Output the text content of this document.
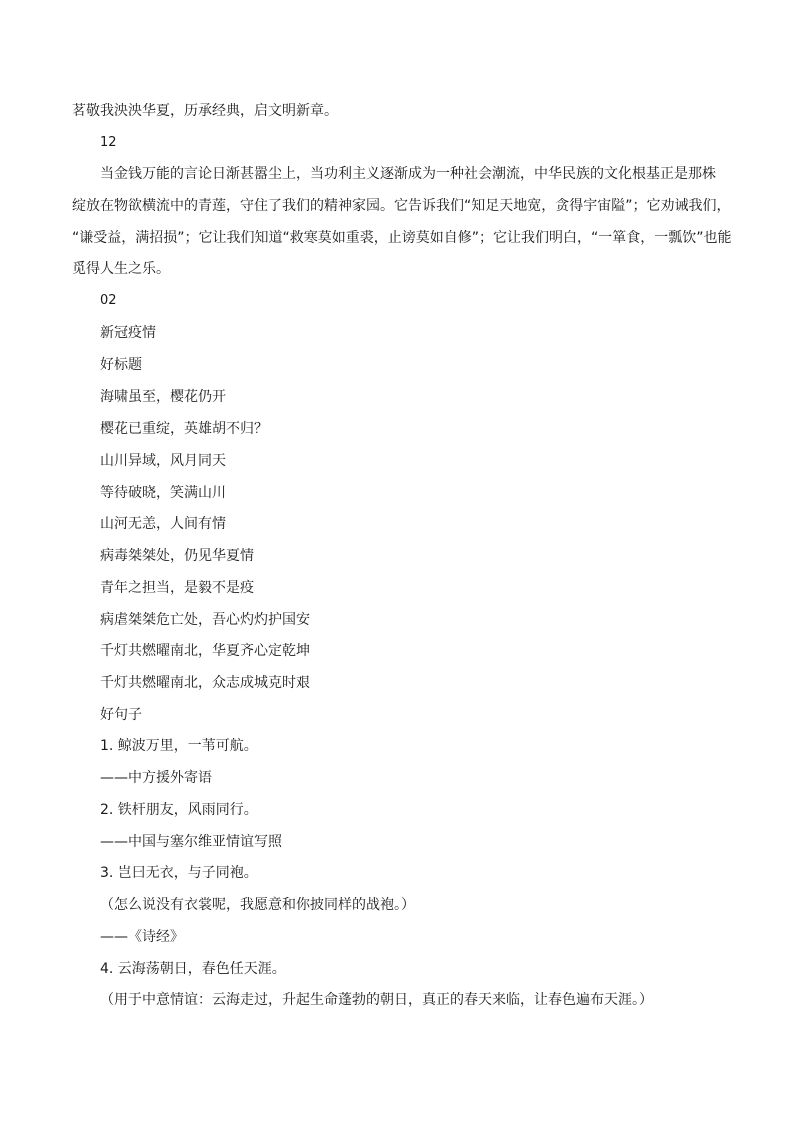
茗敬我泱泱华夏，历承经典，启文明新章。
12
当金钱万能的言论日渐甚嚣尘上，当功利主义逐渐成为一种社会潮流，中华民族的文化根基正是那株
绽放在物欲横流中的青莲，守住了我们的精神家园。它告诉我们“知足天地宽，贪得宇宙隘”；它劝诫我们，
“谦受益，满招损”；它让我们知道“救寒莫如重裘，止谤莫如自修”；它让我们明白，“一箪食，一瓢饮”也能
觅得人生之乐。
02
新冠疫情
好标题
海啸虽至，樱花仍开
樱花已重绽，英雄胡不归？
山川异域，风月同天
等待破晓，笑满山川
山河无恙，人间有情
病毒桀桀处，仍见华夏情
青年之担当，是毅不是疫
病虐桀桀危亡处，吾心灼灼护国安
千灯共燃曜南北，华夏齐心定乾坤
千灯共燃曜南北，众志成城克时艰
好句子
1. 鲸波万里，一苇可航。
——中方援外寄语
2. 铁杆朋友，风雨同行。
——中国与塞尔维亚情谊写照
3. 岂曰无衣，与子同袍。
（怎么说没有衣裳呢，我愿意和你披同样的战袍。）
——《诗经》
4. 云海荡朝日，春色任天涯。
（用于中意情谊：云海走过，升起生命蓬勃的朝日，真正的春天来临，让春色遍布天涯。）
